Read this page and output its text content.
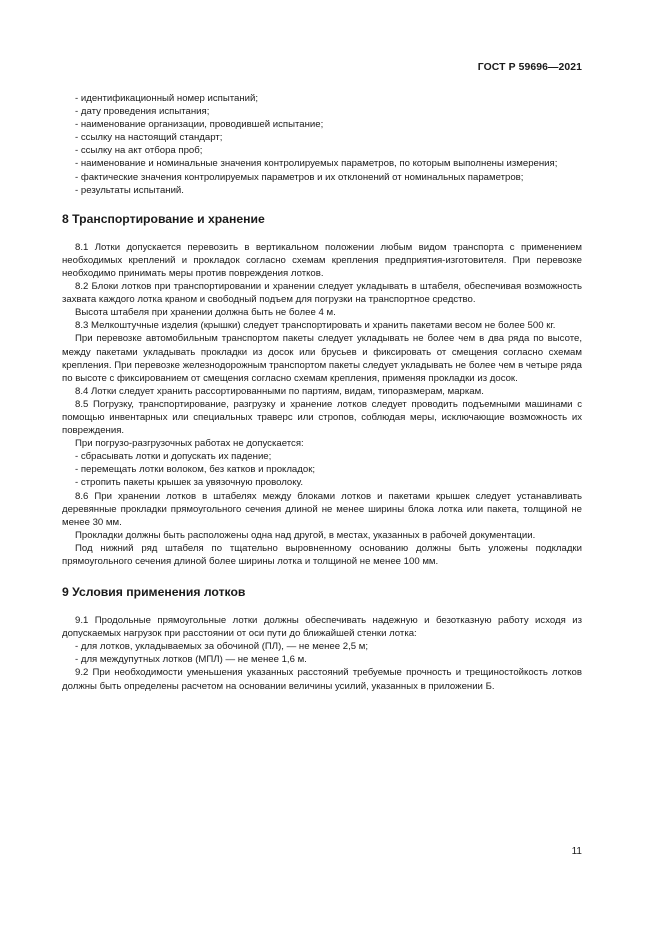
ГОСТ Р 59696—2021

- идентификационный номер испытаний;

- дату проведения испытания;

- наименование организации, проводившей испытание;

- ссылку на настоящий стандарт;

- ссылку на акт отбора проб;

- наименование и номинальные значения контролируемых параметров, по которым выполнены измерения;

- фактические значения контролируемых параметров и их отклонений от номинальных параметров;

- результаты испытаний.

8 Транспортирование и хранение

8.1 Лотки допускается перевозить в вертикальном положении любым видом транспорта с применением необходимых креплений и прокладок согласно схемам крепления предприятия-изготовителя. При перевозке необходимо принимать меры против повреждения лотков.

8.2 Блоки лотков при транспортировании и хранении следует укладывать в штабеля, обеспечивая возможность захвата каждого лотка краном и свободный подъем для погрузки на транспортное средство.

Высота штабеля при хранении должна быть не более 4 м.

8.3 Мелкоштучные изделия (крышки) следует транспортировать и хранить пакетами весом не более 500 кг.

При перевозке автомобильным транспортом пакеты следует укладывать не более чем в два ряда по высоте, между пакетами укладывать прокладки из досок или брусьев и фиксировать от смещения согласно схемам крепления. При перевозке железнодорожным транспортом пакеты следует укладывать не более чем в четыре ряда по высоте с фиксированием от смещения согласно схемам крепления, применяя прокладки из досок.

8.4 Лотки следует хранить рассортированными по партиям, видам, типоразмерам, маркам.

8.5 Погрузку, транспортирование, разгрузку и хранение лотков следует проводить подъемными машинами с помощью инвентарных или специальных траверс или стропов, соблюдая меры, исключающие возможность их повреждения.

При погрузо-разгрузочных работах не допускается:

- сбрасывать лотки и допускать их падение;

- перемещать лотки волоком, без катков и прокладок;

- стропить пакеты крышек за увязочную проволоку.

8.6 При хранении лотков в штабелях между блоками лотков и пакетами крышек следует устанавливать деревянные прокладки прямоугольного сечения длиной не менее ширины блока лотка или пакета, толщиной не менее 30 мм.

Прокладки должны быть расположены одна над другой, в местах, указанных в рабочей документации.

Под нижний ряд штабеля по тщательно выровненному основанию должны быть уложены подкладки прямоугольного сечения длиной более ширины лотка и толщиной не менее 100 мм.

9 Условия применения лотков

9.1 Продольные прямоугольные лотки должны обеспечивать надежную и безотказную работу исходя из допускаемых нагрузок при расстоянии от оси пути до ближайшей стенки лотка:

- для лотков, укладываемых за обочиной (ПЛ), — не менее 2,5 м;

- для междупутных лотков (МПЛ) — не менее 1,6 м.

9.2 При необходимости уменьшения указанных расстояний требуемые прочность и трещиностойкость лотков должны быть определены расчетом на основании величины усилий, указанных в приложении Б.

11
